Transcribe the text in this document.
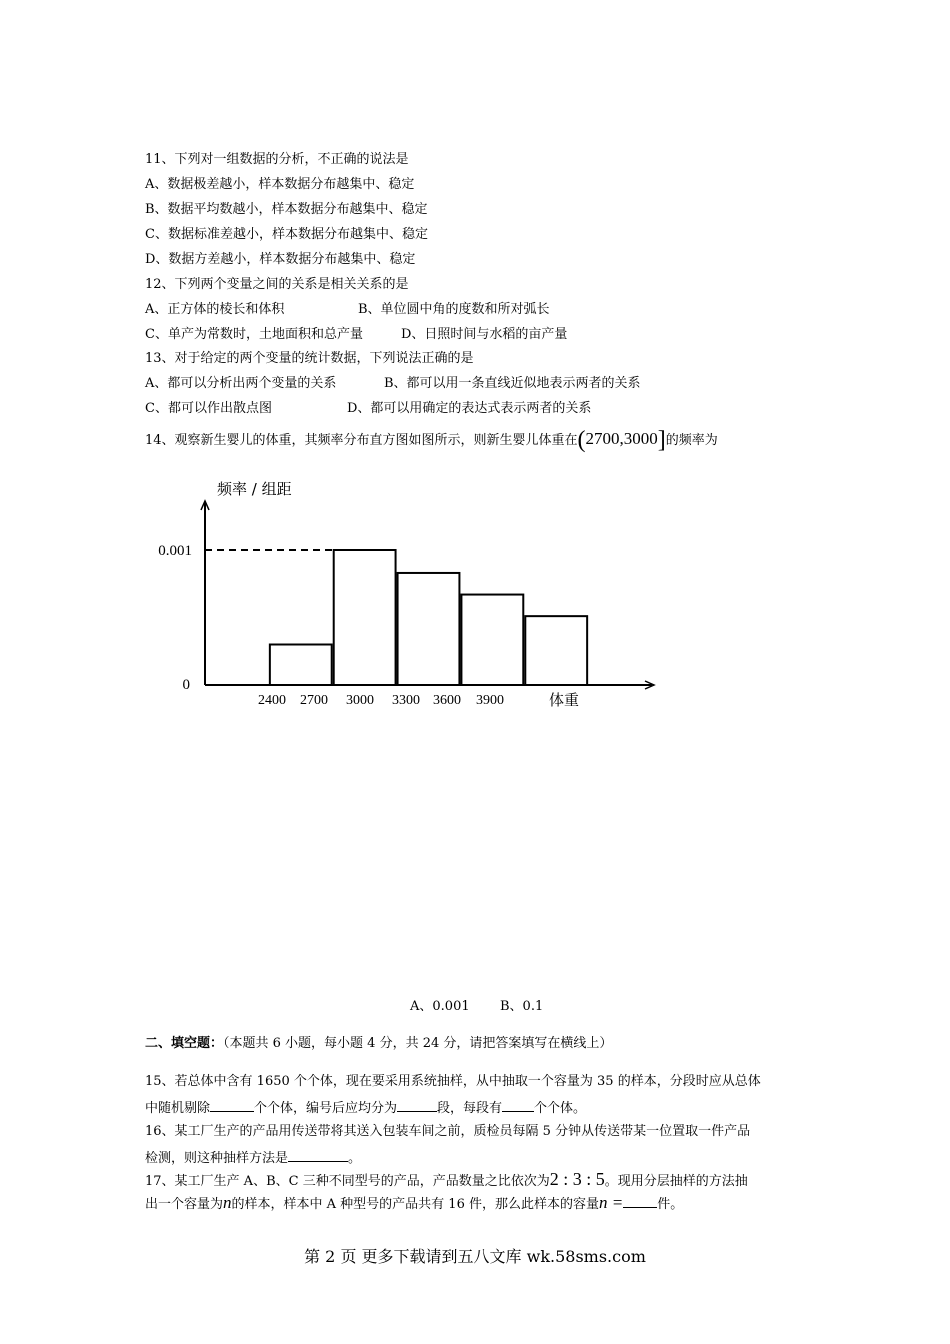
11、下列对一组数据的分析，不正确的说法是
A、数据极差越小，样本数据分布越集中、稳定
B、数据平均数越小，样本数据分布越集中、稳定
C、数据标准差越小，样本数据分布越集中、稳定
D、数据方差越小，样本数据分布越集中、稳定
12、下列两个变量之间的关系是相关关系的是
A、正方体的棱长和体积	B、单位圆中角的度数和所对弧长
C、单产为常数时，土地面积和总产量	D、日照时间与水稻的亩产量
13、对于给定的两个变量的统计数据，下列说法正确的是
A、都可以分析出两个变量的关系	B、都可以用一条直线近似地表示两者的关系
C、都可以作出散点图	D、都可以用确定的表达式表示两者的关系
14、观察新生婴儿的体重，其频率分布直方图如图所示，则新生婴儿体重在(2700,3000]的频率为
0.001
0
2400 2700 3000 3300 3600 3900
频率 / 组距
体重
A、0.001 B、0.1
二、填空题：（本题共 6 小题，每小题 4 分，共 24 分，请把答案填写在横线上）
15、若总体中含有 1650 个个体，现在要采用系统抽样，从中抽取一个容量为 35 的样本，分段时应从总体
中随机剔除	个个体，编号后应均分为	段，每段有 个个体。
16、某工厂生产的产品用传送带将其送入包装车间之前，质检员每隔 5 分钟从传送带某一位置取一件产品
检测，则这种抽样方法是	。
17、某工厂生产 A、B、C 三种不同型号的产品，产品数量之比依次为2 : 3 : 5。现用分层抽样的方法抽
出一个容量为n的样本，样本中 A 种型号的产品共有 16 件，那么此样本的容量n =	件。
第 2 页 更多下载请到五八文库 wk.58sms.com
